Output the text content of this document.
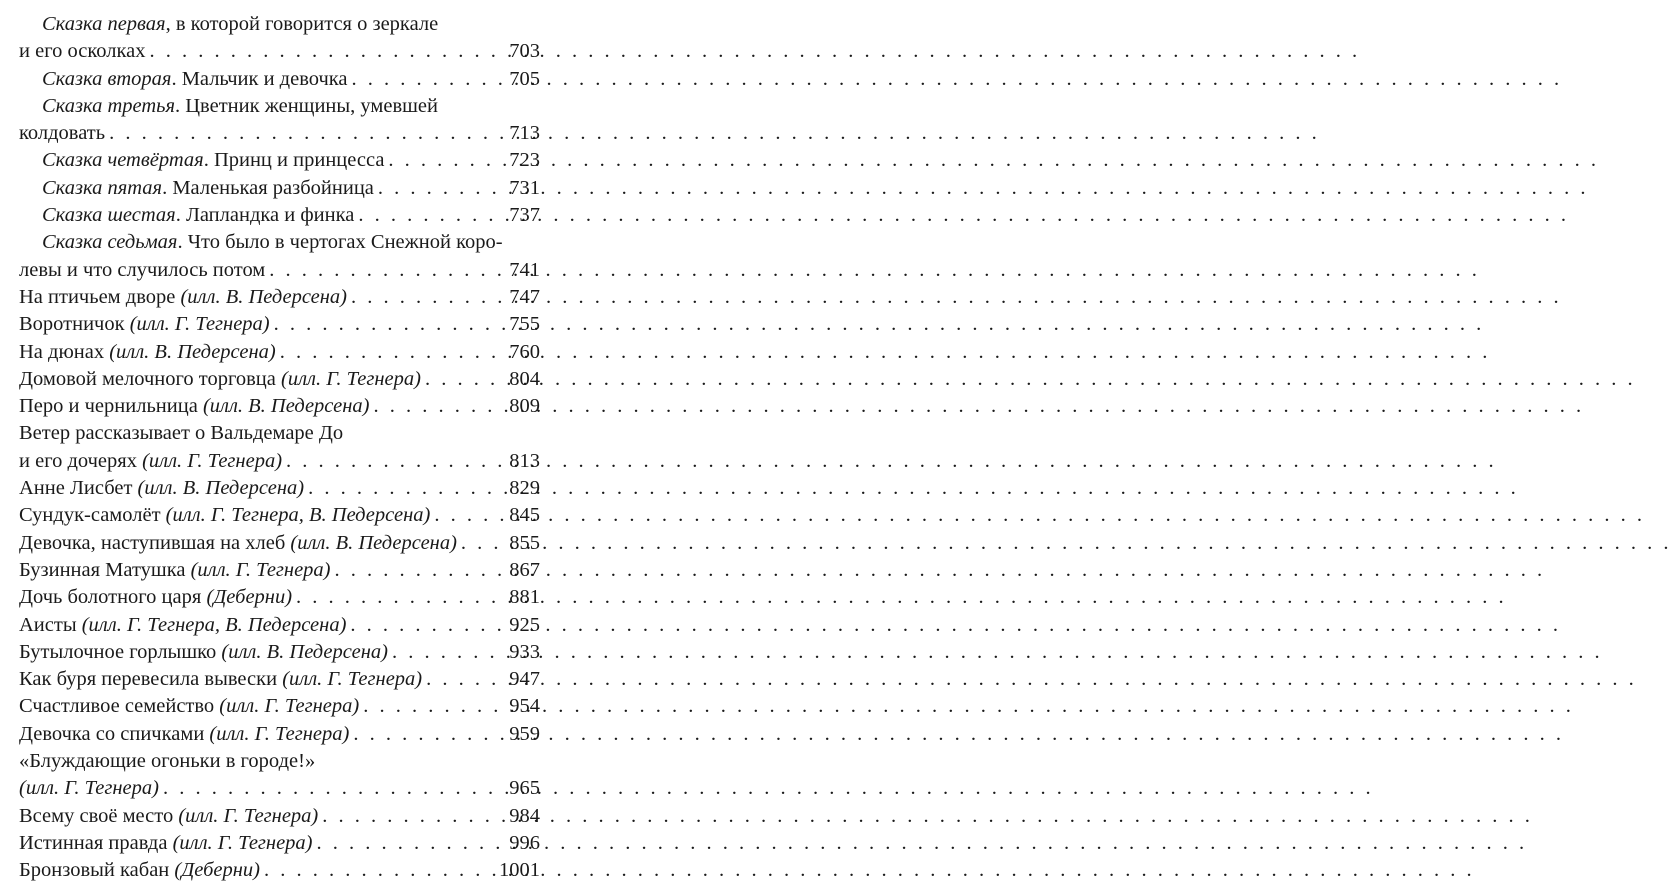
Сказка первая, в которой говорится о зеркале
и его осколках . . .	703
Сказка вторая. Мальчик и девочка . . .	705
Сказка третья. Цветник женщины, умевшей
колдовать . . .	713
Сказка четвёртая. Принц и принцесса . . .	723
Сказка пятая. Маленькая разбойница . . .	731
Сказка шестая. Лапландка и финка . . .	737
Сказка седьмая. Что было в чертогах Снежной коро-
левы и что случилось потом . . .	741
На птичьем дворе (илл. В. Педерсена) . . .	747
Воротничок (илл. Г. Тегнера) . . .	755
На дюнах (илл. В. Педерсена) . . .	760
Домовой мелочного торговца (илл. Г. Тегнера) . . .	804
Перо и чернильница (илл. В. Педерсена) . . .	809
Ветер рассказывает о Вальдемаре До
и его дочерях (илл. Г. Тегнера) . . .	813
Анне Лисбет (илл. В. Педерсена) . . .	829
Сундук-самолёт (илл. Г. Тегнера, В. Педерсена) . . .	845
Девочка, наступившая на хлеб (илл. В. Педерсена) . . .	855
Бузинная Матушка (илл. Г. Тегнера) . . .	867
Дочь болотного царя (Деберни) . . .	881
Аисты (илл. Г. Тегнера, В. Педерсена) . . .	925
Бутылочное горлышко (илл. В. Педерсена) . . .	933
Как буря перевесила вывески (илл. Г. Тегнера) . . .	947
Счастливое семейство (илл. Г. Тегнера) . . .	954
Девочка со спичками (илл. Г. Тегнера) . . .	959
«Блуждающие огоньки в городе!»
(илл. Г. Тегнера) . . .	965
Всему своё место (илл. Г. Тегнера) . . .	984
Истинная правда (илл. Г. Тегнера) . . .	996
Бронзовый кабан (Деберни) . . .	1001
